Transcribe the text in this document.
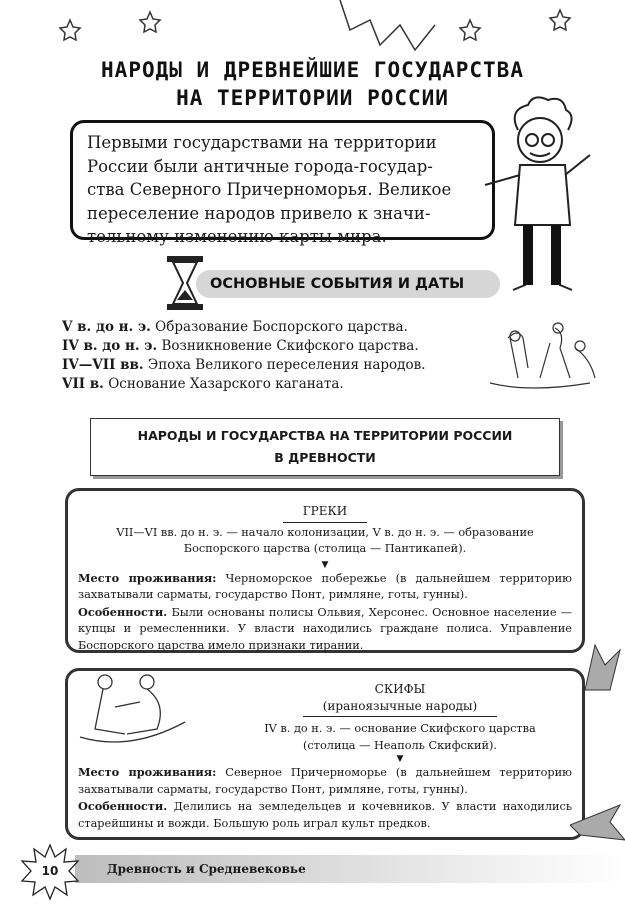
НАРОДЫ И ДРЕВНЕЙШИЕ ГОСУДАРСТВА
НА ТЕРРИТОРИИ РОССИИ
Первыми государствами на территории
России были античные города-государ-
ства Северного Причерноморья. Великое
переселение народов привело к значи-
тельному изменению карты мира.
ОСНОВНЫЕ СОБЫТИЯ И ДАТЫ
V в. до н. э. Образование Боспорского царства.
IV в. до н. э. Возникновение Скифского царства.
IV—VII вв. Эпоха Великого переселения народов.
VII в. Основание Хазарского каганата.
НАРОДЫ И ГОСУДАРСТВА НА ТЕРРИТОРИИ РОССИИ
В ДРЕВНОСТИ
ГРЕКИ
VII—VI вв. до н. э. — начало колонизации, V в. до н. э. — образование Боспорского царства (столица — Пантикапей).
▼
Место проживания: Черноморское побережье (в дальнейшем территорию захватывали сарматы, государство Понт, римляне, готы, гунны).
Особенности. Были основаны полисы Ольвия, Херсонес. Основное население — купцы и ремесленники. У власти находились граждане полиса. Управление Боспорского царства имело признаки тирании.
СКИФЫ
(ираноязычные народы)
IV в. до н. э. — основание Скифского царства
(столица — Неаполь Скифский).
▼
Место проживания: Северное Причерноморье (в дальнейшем территорию захватывали сарматы, государство Понт, римляне, готы, гунны).
Особенности. Делились на земледельцев и кочевников. У власти находились старейшины и вожди. Большую роль играл культ предков.
Древность и Средневековье
10
